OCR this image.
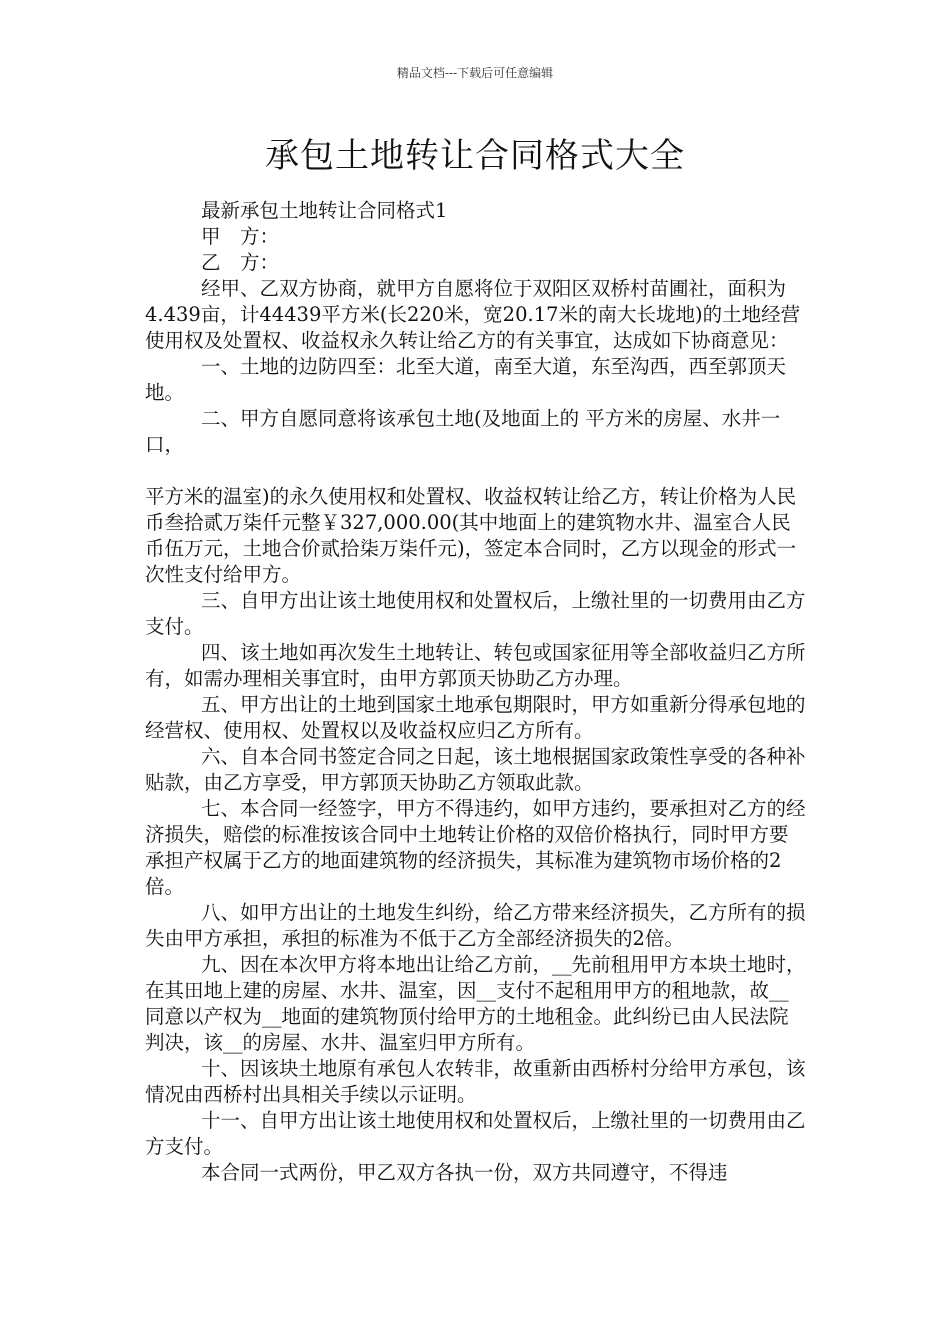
精品文档---下载后可任意编辑
承包土地转让合同格式大全

最新承包土地转让合同格式1

甲　方：

乙　方：

经甲、乙双方协商，就甲方自愿将位于双阳区双桥村苗圃社，面积为4.439亩，计44439平方米(长220米，宽20.17米的南大长垅地)的土地经营使用权及处置权、收益权永久转让给乙方的有关事宜，达成如下协商意见：

一、土地的边防四至：北至大道，南至大道，东至沟西，西至郭顶天地。

二、甲方自愿同意将该承包土地(及地面上的 平方米的房屋、水井一口，

平方米的温室)的永久使用权和处置权、收益权转让给乙方，转让价格为人民币叁拾贰万柒仟元整￥327,000.00(其中地面上的建筑物水井、温室合人民币伍万元，土地合价贰拾柒万柒仟元)，签定本合同时，乙方以现金的形式一次性支付给甲方。

三、自甲方出让该土地使用权和处置权后，上缴社里的一切费用由乙方支付。

四、该土地如再次发生土地转让、转包或国家征用等全部收益归乙方所有，如需办理相关事宜时，由甲方郭顶天协助乙方办理。

五、甲方出让的土地到国家土地承包期限时，甲方如重新分得承包地的经营权、使用权、处置权以及收益权应归乙方所有。

六、自本合同书签定合同之日起，该土地根据国家政策性享受的各种补贴款，由乙方享受，甲方郭顶天协助乙方领取此款。

七、本合同一经签字，甲方不得违约，如甲方违约，要承担对乙方的经济损失，赔偿的标准按该合同中土地转让价格的双倍价格执行，同时甲方要承担产权属于乙方的地面建筑物的经济损失，其标准为建筑物市场价格的2倍。

八、如甲方出让的土地发生纠纷，给乙方带来经济损失，乙方所有的损失由甲方承担，承担的标准为不低于乙方全部经济损失的2倍。

九、因在本次甲方将本地出让给乙方前，__先前租用甲方本块土地时，在其田地上建的房屋、水井、温室，因__支付不起租用甲方的租地款，故__同意以产权为__地面的建筑物顶付给甲方的土地租金。此纠纷已由人民法院判决，该__的房屋、水井、温室归甲方所有。

十、因该块土地原有承包人农转非，故重新由西桥村分给甲方承包，该情况由西桥村出具相关手续以示证明。

十一、自甲方出让该土地使用权和处置权后，上缴社里的一切费用由乙方支付。

本合同一式两份，甲乙双方各执一份，双方共同遵守，不得违
